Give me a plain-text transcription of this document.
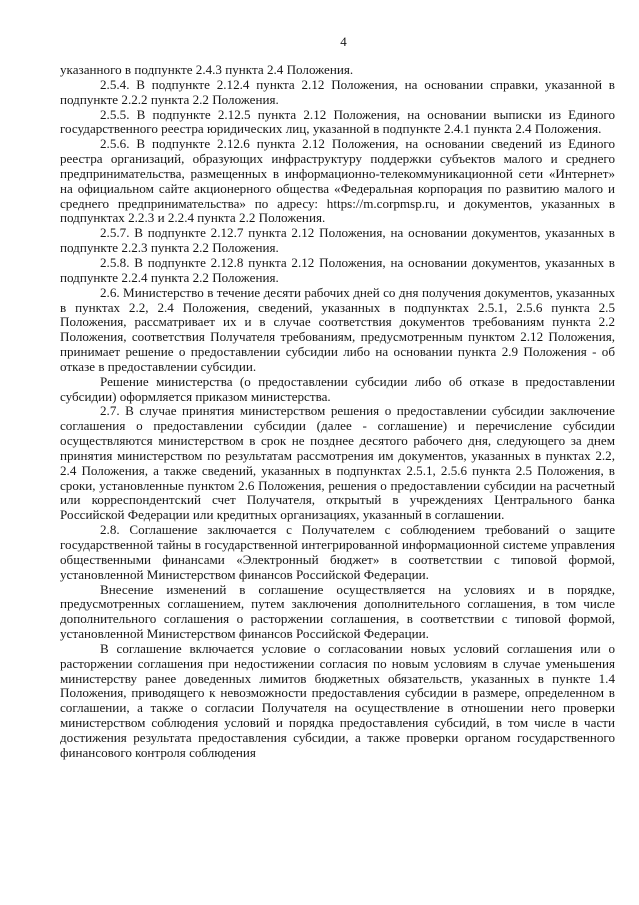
4

указанного в подпункте 2.4.3 пункта 2.4 Положения.

2.5.4. В подпункте 2.12.4 пункта 2.12 Положения, на основании справки, указанной в подпункте 2.2.2 пункта 2.2 Положения.

2.5.5. В подпункте 2.12.5 пункта 2.12 Положения, на основании выписки из Единого государственного реестра юридических лиц, указанной в подпункте 2.4.1 пункта 2.4 Положения.

2.5.6. В подпункте 2.12.6 пункта 2.12 Положения, на основании сведений из Единого реестра организаций, образующих инфраструктуру поддержки субъектов малого и среднего предпринимательства, размещенных в информационно-телекоммуникационной сети «Интернет» на официальном сайте акционерного общества «Федеральная корпорация по развитию малого и среднего предпринимательства» по адресу: https://m.corpmsp.ru, и документов, указанных в подпунктах 2.2.3 и 2.2.4 пункта 2.2 Положения.

2.5.7. В подпункте 2.12.7 пункта 2.12 Положения, на основании документов, указанных в подпункте 2.2.3 пункта 2.2 Положения.

2.5.8. В подпункте 2.12.8 пункта 2.12 Положения, на основании документов, указанных в подпункте 2.2.4 пункта 2.2 Положения.

2.6. Министерство в течение десяти рабочих дней со дня получения документов, указанных в пунктах 2.2, 2.4 Положения, сведений, указанных в подпунктах 2.5.1, 2.5.6 пункта 2.5 Положения, рассматривает их и в случае соответствия документов требованиям пункта 2.2 Положения, соответствия Получателя требованиям, предусмотренным пунктом 2.12 Положения, принимает решение о предоставлении субсидии либо на основании пункта 2.9 Положения - об отказе в предоставлении субсидии.

Решение министерства (о предоставлении субсидии либо об отказе в предоставлении субсидии) оформляется приказом министерства.

2.7. В случае принятия министерством решения о предоставлении субсидии заключение соглашения о предоставлении субсидии (далее - соглашение) и перечисление субсидии осуществляются министерством в срок не позднее десятого рабочего дня, следующего за днем принятия министерством по результатам рассмотрения им документов, указанных в пунктах 2.2, 2.4 Положения, а также сведений, указанных в подпунктах 2.5.1, 2.5.6 пункта 2.5 Положения, в сроки, установленные пунктом 2.6 Положения, решения о предоставлении субсидии на расчетный или корреспондентский счет Получателя, открытый в учреждениях Центрального банка Российской Федерации или кредитных организациях, указанный в соглашении.

2.8. Соглашение заключается с Получателем с соблюдением требований о защите государственной тайны в государственной интегрированной информационной системе управления общественными финансами «Электронный бюджет» в соответствии с типовой формой, установленной Министерством финансов Российской Федерации.

Внесение изменений в соглашение осуществляется на условиях и в порядке, предусмотренных соглашением, путем заключения дополнительного соглашения, в том числе дополнительного соглашения о расторжении соглашения, в соответствии с типовой формой, установленной Министерством финансов Российской Федерации.

В соглашение включается условие о согласовании новых условий соглашения или о расторжении соглашения при недостижении согласия по новым условиям в случае уменьшения министерству ранее доведенных лимитов бюджетных обязательств, указанных в пункте 1.4 Положения, приводящего к невозможности предоставления субсидии в размере, определенном в соглашении, а также о согласии Получателя на осуществление в отношении него проверки министерством соблюдения условий и порядка предоставления субсидий, в том числе в части достижения результата предоставления субсидии, а также проверки органом государственного финансового контроля соблюдения
